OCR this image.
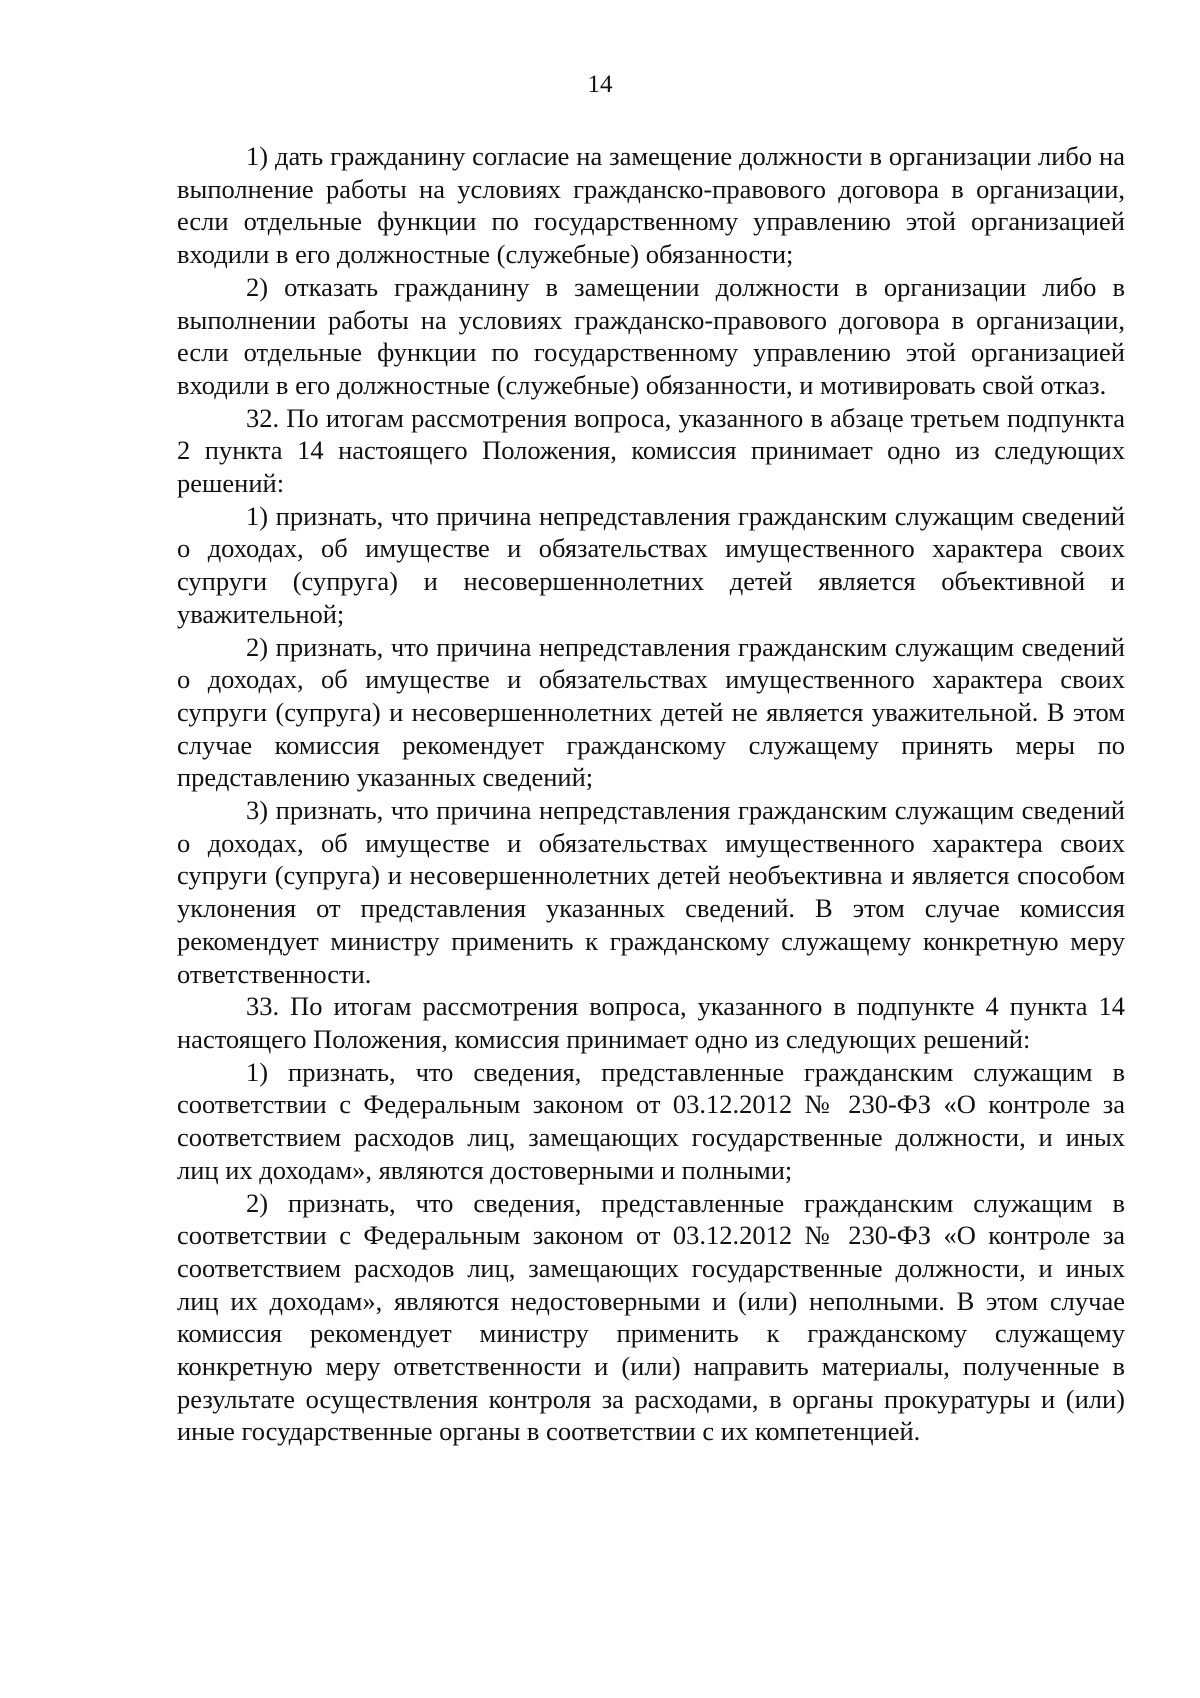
14

1) дать гражданину согласие на замещение должности в организации либо на выполнение работы на условиях гражданско-правового договора в организации, если отдельные функции по государственному управлению этой организацией входили в его должностные (служебные) обязанности;

2) отказать гражданину в замещении должности в организации либо в выполнении работы на условиях гражданско-правового договора в организации, если отдельные функции по государственному управлению этой организацией входили в его должностные (служебные) обязанности, и мотивировать свой отказ.

32. По итогам рассмотрения вопроса, указанного в абзаце третьем подпункта 2 пункта 14 настоящего Положения, комиссия принимает одно из следующих решений:

1) признать, что причина непредставления гражданским служащим сведений о доходах, об имуществе и обязательствах имущественного характера своих супруги (супруга) и несовершеннолетних детей является объективной и уважительной;

2) признать, что причина непредставления гражданским служащим сведений о доходах, об имуществе и обязательствах имущественного характера своих супруги (супруга) и несовершеннолетних детей не является уважительной. В этом случае комиссия рекомендует гражданскому служащему принять меры по представлению указанных сведений;

3) признать, что причина непредставления гражданским служащим сведений о доходах, об имуществе и обязательствах имущественного характера своих супруги (супруга) и несовершеннолетних детей необъективна и является способом уклонения от представления указанных сведений. В этом случае комиссия рекомендует министру применить к гражданскому служащему конкретную меру ответственности.

33. По итогам рассмотрения вопроса, указанного в подпункте 4 пункта 14 настоящего Положения, комиссия принимает одно из следующих решений:

1) признать, что сведения, представленные гражданским служащим в соответствии с Федеральным законом от 03.12.2012 № 230-ФЗ «О контроле за соответствием расходов лиц, замещающих государственные должности, и иных лиц их доходам», являются достоверными и полными;

2) признать, что сведения, представленные гражданским служащим в соответствии с Федеральным законом от 03.12.2012 № 230-ФЗ «О контроле за соответствием расходов лиц, замещающих государственные должности, и иных лиц их доходам», являются недостоверными и (или) неполными. В этом случае комиссия рекомендует министру применить к гражданскому служащему конкретную меру ответственности и (или) направить материалы, полученные в результате осуществления контроля за расходами, в органы прокуратуры и (или) иные государственные органы в соответствии с их компетенцией.
